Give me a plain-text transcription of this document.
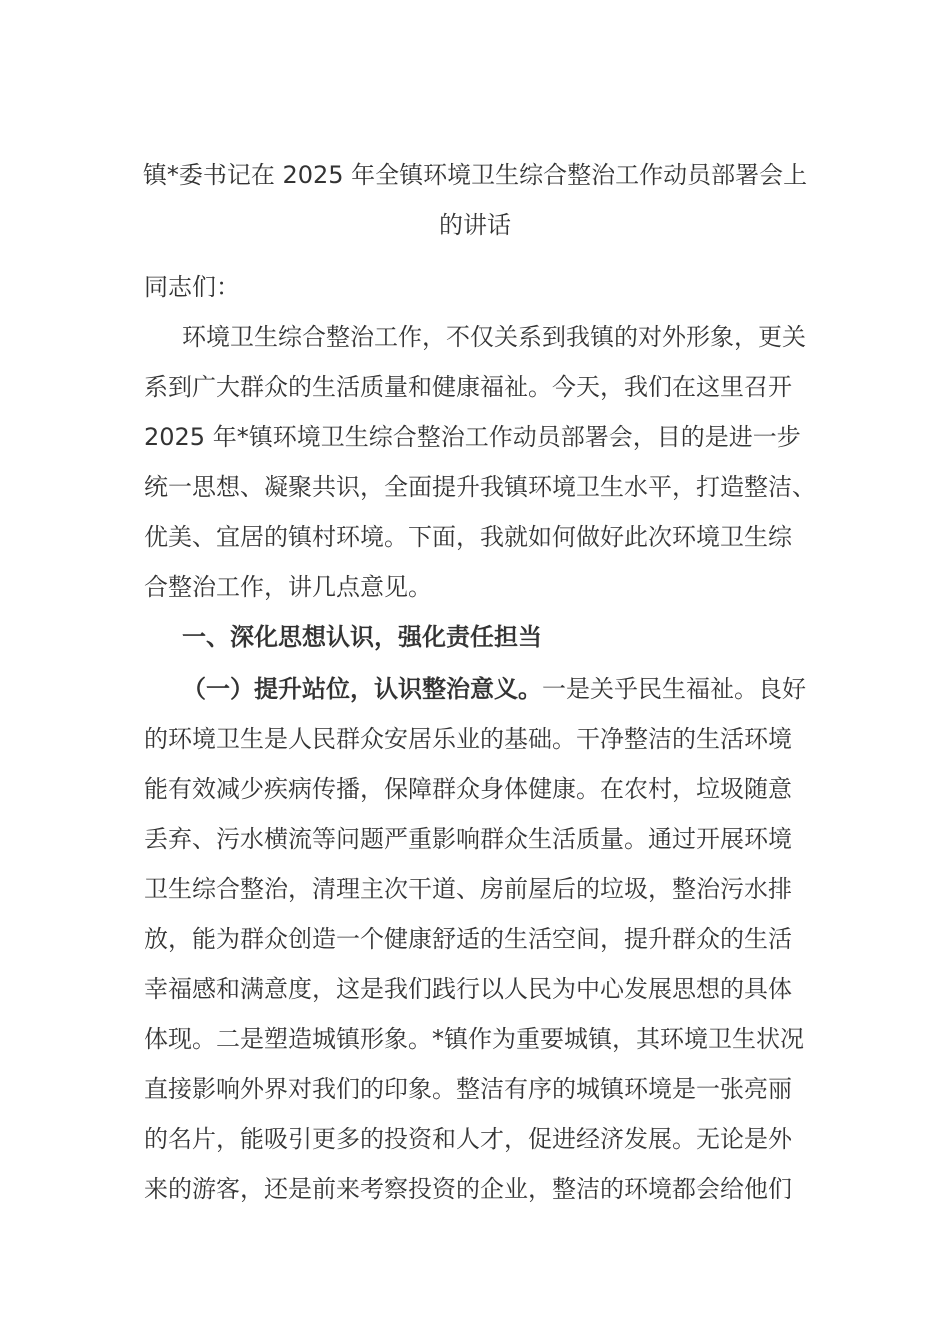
镇*委书记在 2025 年全镇环境卫生综合整治工作动员部署会上
的讲话
同志们：
环境卫生综合整治工作，不仅关系到我镇的对外形象，更关
系到广大群众的生活质量和健康福祉。今天，我们在这里召开
2025 年*镇环境卫生综合整治工作动员部署会，目的是进一步
统一思想、凝聚共识，全面提升我镇环境卫生水平，打造整洁、
优美、宜居的镇村环境。下面，我就如何做好此次环境卫生综
合整治工作，讲几点意见。
一、深化思想认识，强化责任担当
（一）提升站位，认识整治意义。一是关乎民生福祉。良好
的环境卫生是人民群众安居乐业的基础。干净整洁的生活环境
能有效减少疾病传播，保障群众身体健康。在农村，垃圾随意
丢弃、污水横流等问题严重影响群众生活质量。通过开展环境
卫生综合整治，清理主次干道、房前屋后的垃圾，整治污水排
放，能为群众创造一个健康舒适的生活空间，提升群众的生活
幸福感和满意度，这是我们践行以人民为中心发展思想的具体
体现。二是塑造城镇形象。*镇作为重要城镇，其环境卫生状况
直接影响外界对我们的印象。整洁有序的城镇环境是一张亮丽
的名片，能吸引更多的投资和人才，促进经济发展。无论是外
来的游客，还是前来考察投资的企业，整洁的环境都会给他们
